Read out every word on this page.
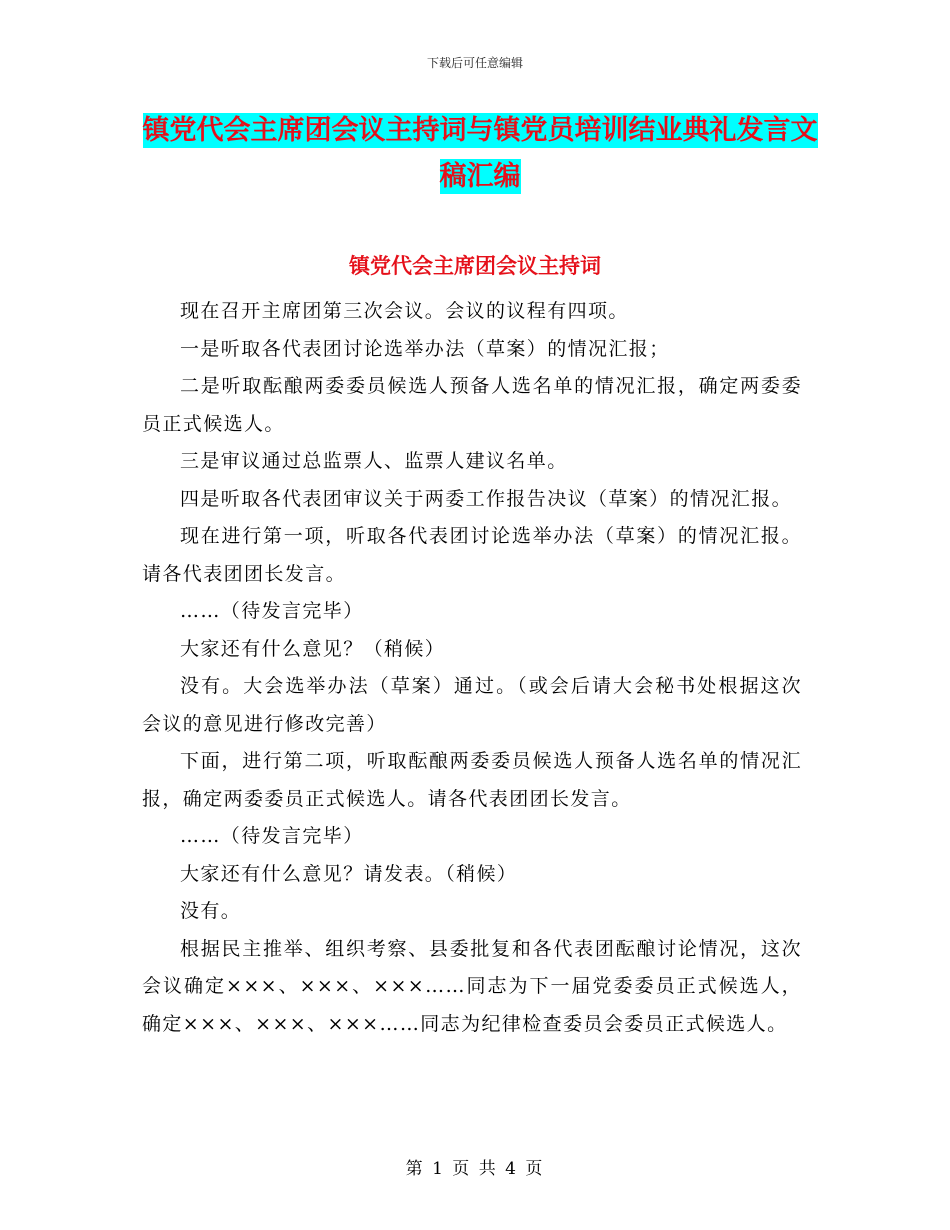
下载后可任意编辑
镇党代会主席团会议主持词与镇党员培训结业典礼发言文稿汇编
镇党代会主席团会议主持词

现在召开主席团第三次会议。会议的议程有四项。

一是听取各代表团讨论选举办法（草案）的情况汇报；

二是听取酝酿两委委员候选人预备人选名单的情况汇报，确定两委委员正式候选人。

三是审议通过总监票人、监票人建议名单。

四是听取各代表团审议关于两委工作报告决议（草案）的情况汇报。

现在进行第一项，听取各代表团讨论选举办法（草案）的情况汇报。请各代表团团长发言。

……（待发言完毕）

大家还有什么意见？（稍候）

没有。大会选举办法（草案）通过。（或会后请大会秘书处根据这次会议的意见进行修改完善）

下面，进行第二项，听取酝酿两委委员候选人预备人选名单的情况汇报，确定两委委员正式候选人。请各代表团团长发言。

……（待发言完毕）

大家还有什么意见？请发表。（稍候）

没有。

根据民主推举、组织考察、县委批复和各代表团酝酿讨论情况，这次会议确定×××、×××、×××……同志为下一届党委委员正式候选人，确定×××、×××、×××……同志为纪律检查委员会委员正式候选人。

第 1 页 共 4 页
